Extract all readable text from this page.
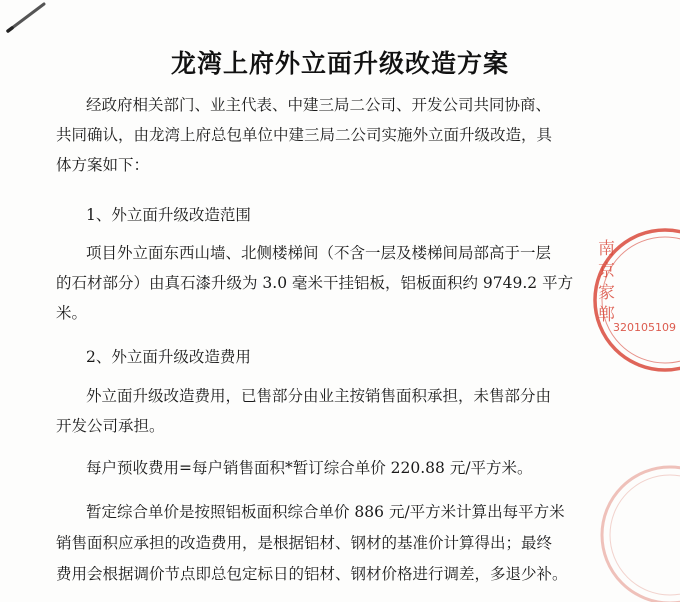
龙湾上府外立面升级改造方案
经政府相关部门、业主代表、中建三局二公司、开发公司共同协商、
共同确认，由龙湾上府总包单位中建三局二公司实施外立面升级改造，具
体方案如下：
1、外立面升级改造范围
项目外立面东西山墙、北侧楼梯间（不含一层及楼梯间局部高于一层
的石材部分）由真石漆升级为 3.0 毫米干挂铝板，铝板面积约 9749.2 平方
米。
2、外立面升级改造费用
外立面升级改造费用，已售部分由业主按销售面积承担，未售部分由
开发公司承担。
每户预收费用=每户销售面积*暂订综合单价 220.88 元/平方米。
暂定综合单价是按照铝板面积综合单价 886 元/平方米计算出每平方米
销售面积应承担的改造费用，是根据铝材、钢材的基准价计算得出；最终
费用会根据调价节点即总包定标日的铝材、钢材价格进行调差，多退少补。
320105109
南京家郸
